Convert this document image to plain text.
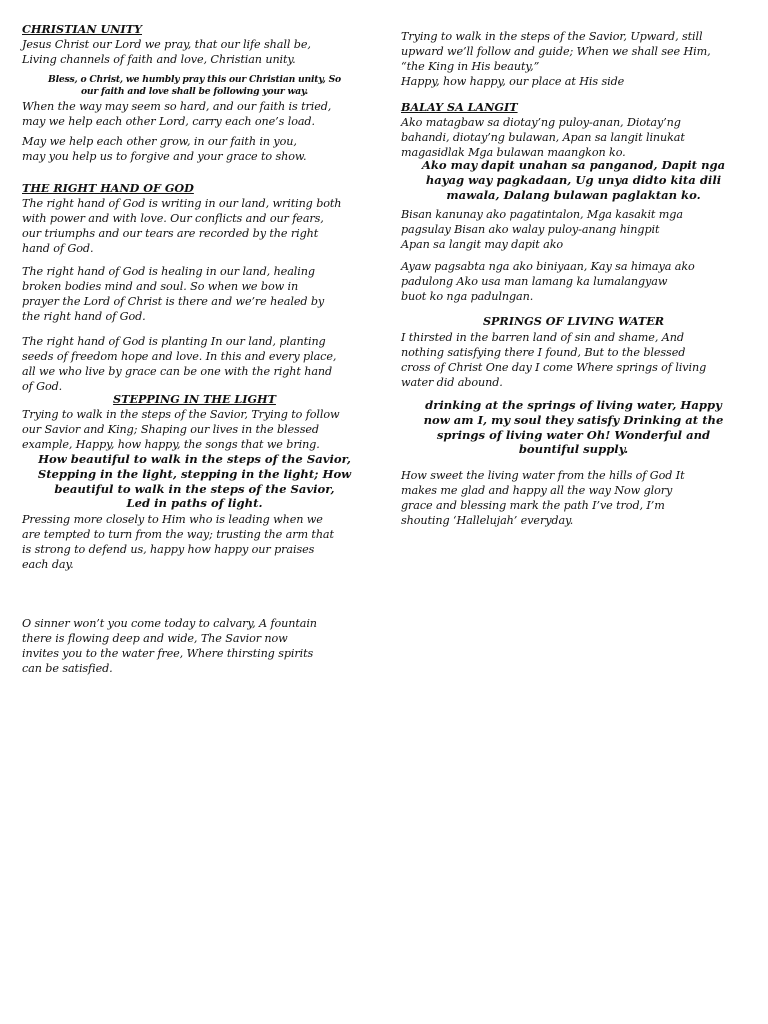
CHRISTIAN UNITY

Jesus Christ our Lord we pray, that our life shall be,
Living channels of faith and love, Christian unity.

Bless, o Christ, we humbly pray this our Christian unity, So
our faith and love shall be following your way.

When the way may seem so hard, and our faith is tried,
may we help each other Lord, carry each one’s load.

May we help each other grow, in our faith in you,
may you help us to forgive and your grace to show.

THE RIGHT HAND OF GOD

The right hand of God is writing in our land, writing both
with power and with love. Our conflicts and our fears,
our triumphs and our tears are recorded by the right
hand of God.

The right hand of God is healing in our land, healing
broken bodies mind and soul. So when we bow in
prayer the Lord of Christ is there and we’re healed by
the right hand of God.

The right hand of God is planting In our land, planting
seeds of freedom hope and love. In this and every place,
all we who live by grace can be one with the right hand
of God.

STEPPING IN THE LIGHT

Trying to walk in the steps of the Savior, Trying to follow
our Savior and King; Shaping our lives in the blessed
example, Happy, how happy, the songs that we bring.

How beautiful to walk in the steps of the Savior,
Stepping in the light, stepping in the light; How
beautiful to walk in the steps of the Savior,
Led in paths of light.

Pressing more closely to Him who is leading when we
are tempted to turn from the way; trusting the arm that
is strong to defend us, happy how happy our praises
each day.

O sinner won’t you come today to calvary, A fountain
there is flowing deep and wide, The Savior now
invites you to the water free, Where thirsting spirits
can be satisfied.

Trying to walk in the steps of the Savior, Upward, still
upward we’ll follow and guide; When we shall see Him,
“the King in His beauty,”
Happy, how happy, our place at His side

BALAY SA LANGIT

Ako matagbaw sa diotay’ng puloy-anan, Diotay’ng
bahandi, diotay’ng bulawan, Apan sa langit linukat
magasidlak Mga bulawan maangkon ko.

Ako may dapit unahan sa panganod, Dapit nga
hayag way pagkadaan, Ug unya didto kita dili
mawala, Dalang bulawan paglaktan ko.

Bisan kanunay ako pagatintalon, Mga kasakit mga
pagsulay Bisan ako walay puloy-anang hingpit
Apan sa langit may dapit ako

Ayaw pagsabta nga ako biniyaan, Kay sa himaya ako
padulong Ako usa man lamang ka lumalangyaw
buot ko nga padulngan.

SPRINGS OF LIVING WATER

I thirsted in the barren land of sin and shame, And
nothing satisfying there I found, But to the blessed
cross of Christ One day I come Where springs of living
water did abound.

drinking at the springs of living water, Happy
now am I, my soul they satisfy Drinking at the
springs of living water Oh! Wonderful and
bountiful supply.

How sweet the living water from the hills of God It
makes me glad and happy all the way Now glory
grace and blessing mark the path I’ve trod, I’m
shouting ‘Hallelujah’ everyday.
